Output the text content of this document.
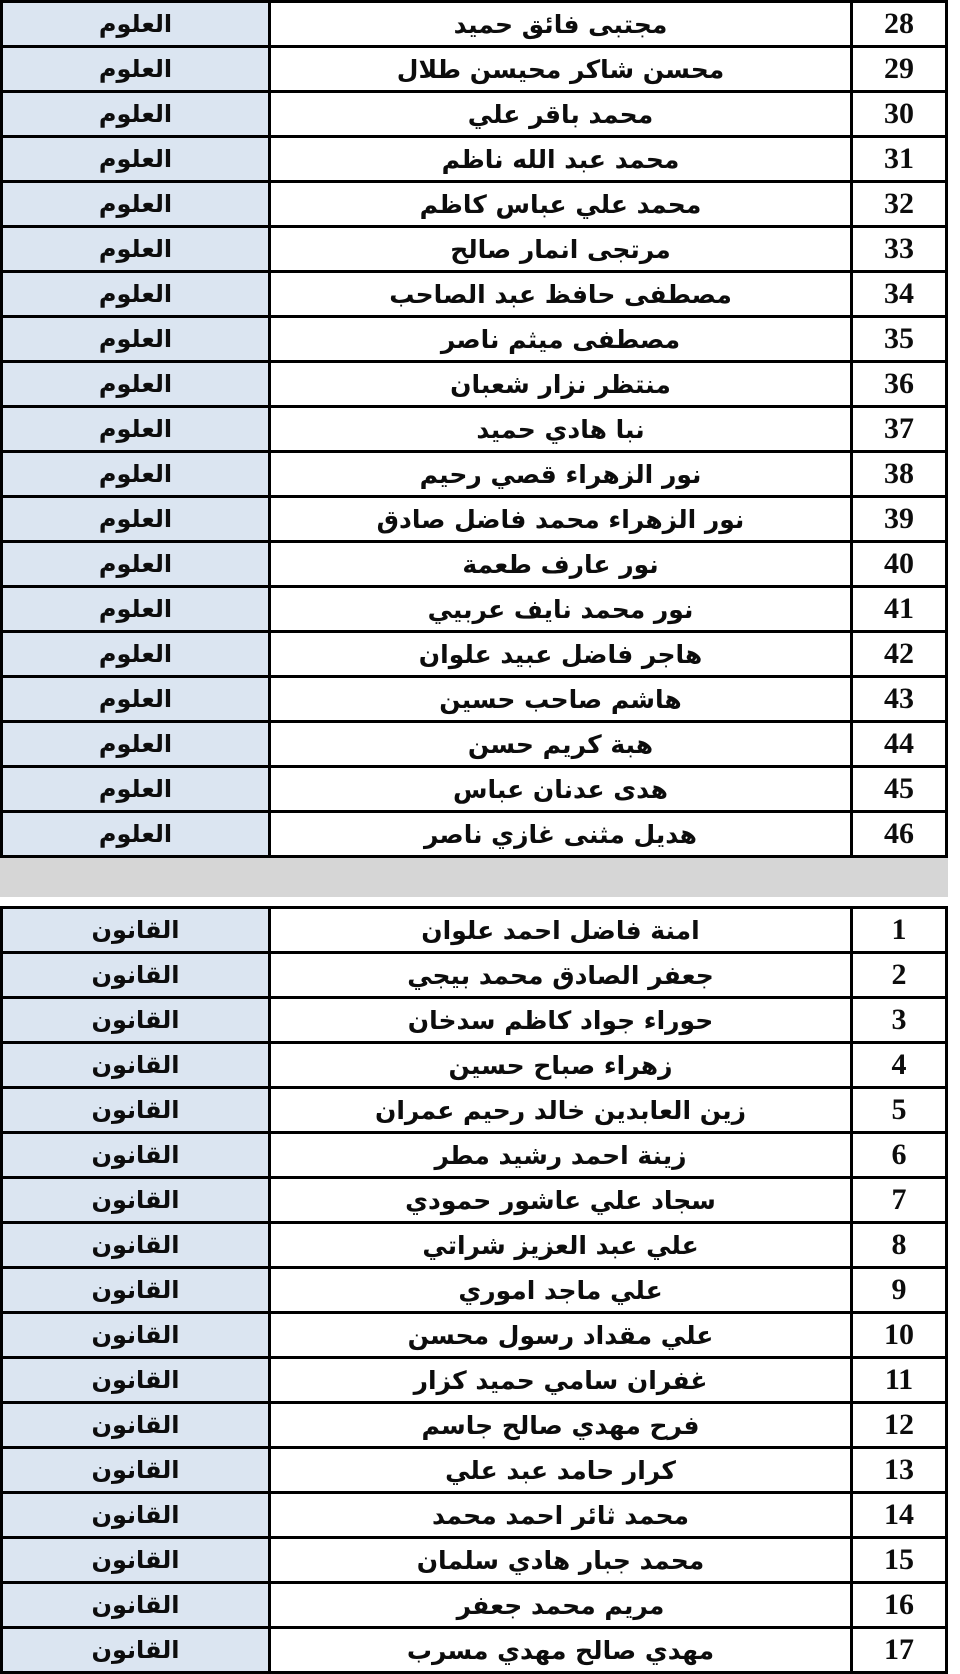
28	مجتبى فائق حميد	العلوم
29	محسن شاكر محيسن طلال	العلوم
30	محمد باقر علي	العلوم
31	محمد عبد الله ناظم	العلوم
32	محمد علي عباس كاظم	العلوم
33	مرتجى انمار صالح	العلوم
34	مصطفى حافظ عبد الصاحب	العلوم
35	مصطفى ميثم ناصر	العلوم
36	منتظر نزار شعبان	العلوم
37	نبا هادي حميد	العلوم
38	نور الزهراء قصي رحيم	العلوم
39	نور الزهراء محمد فاضل صادق	العلوم
40	نور عارف طعمة	العلوم
41	نور محمد نايف عربيي	العلوم
42	هاجر فاضل عبيد علوان	العلوم
43	هاشم صاحب حسين	العلوم
44	هبة كريم حسن	العلوم
45	هدى عدنان عباس	العلوم
46	هديل مثنى غازي ناصر	العلوم
1	امنة فاضل احمد علوان	القانون
2	جعفر الصادق محمد بيجي	القانون
3	حوراء جواد كاظم سدخان	القانون
4	زهراء صباح حسين	القانون
5	زين العابدين خالد رحيم عمران	القانون
6	زينة احمد رشيد مطر	القانون
7	سجاد علي عاشور حمودي	القانون
8	علي عبد العزيز شراتي	القانون
9	علي ماجد اموري	القانون
10	علي مقداد رسول محسن	القانون
11	غفران سامي حميد كزار	القانون
12	فرح مهدي صالح جاسم	القانون
13	كرار حامد عبد علي	القانون
14	محمد ثائر احمد محمد	القانون
15	محمد جبار هادي سلمان	القانون
16	مريم محمد جعفر	القانون
17	مهدي صالح مهدي مسرب	القانون
